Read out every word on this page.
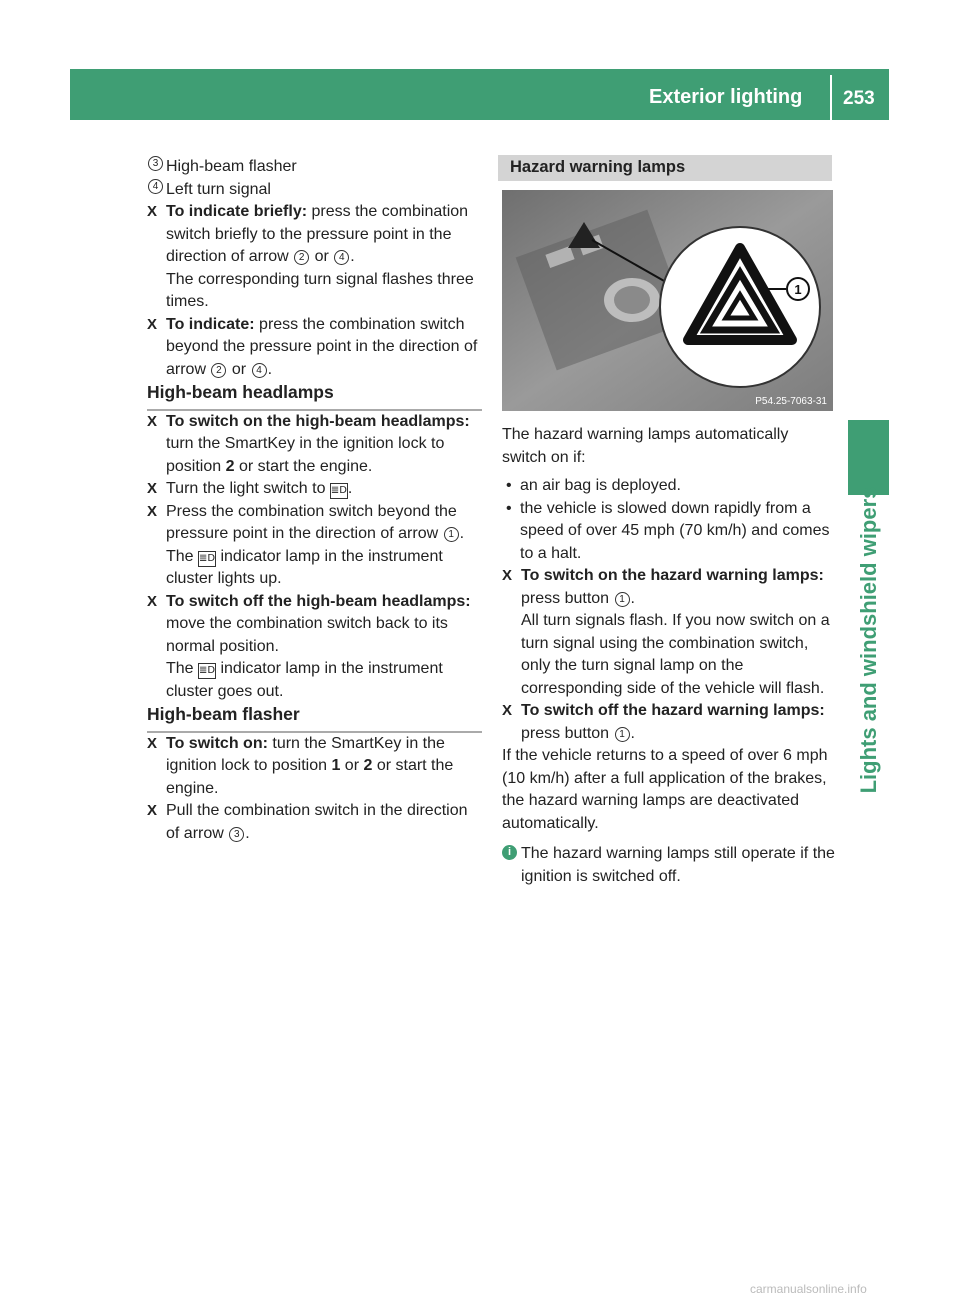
Exterior lighting 253
Lights and windshield wipers

3 High-beam flasher

4 Left turn signal

X To indicate briefly: press the combination switch briefly to the pressure point in the direction of arrow 2 or 4 .
The corresponding turn signal flashes three times.

X To indicate: press the combination switch beyond the pressure point in the direction of arrow 2 or 4 .

High-beam headlamps

X To switch on the high-beam headlamps: turn the SmartKey in the ignition lock to position 2 or start the engine.

X Turn the light switch to ≣D.

X Press the combination switch beyond the pressure point in the direction of arrow 1 .
The ≣D indicator lamp in the instrument cluster lights up.

X To switch off the high-beam headlamps: move the combination switch back to its normal position.
The ≣D indicator lamp in the instrument cluster goes out.

High-beam flasher

X To switch on: turn the SmartKey in the ignition lock to position 1 or 2 or start the engine.

X Pull the combination switch in the direction of arrow 3 .

Hazard warning lamps
1
P54.25-7063-31

The hazard warning lamps automatically switch on if:

• an air bag is deployed.

• the vehicle is slowed down rapidly from a speed of over 45 mph (70 km/h) and comes to a halt.

X To switch on the hazard warning lamps: press button 1 .
All turn signals flash. If you now switch on a turn signal using the combination switch, only the turn signal lamp on the corresponding side of the vehicle will flash.

X To switch off the hazard warning lamps: press button 1 .

If the vehicle returns to a speed of over 6 mph (10 km/h) after a full application of the brakes, the hazard warning lamps are deactivated automatically.

i The hazard warning lamps still operate if the ignition is switched off.

carmanualsonline.info
